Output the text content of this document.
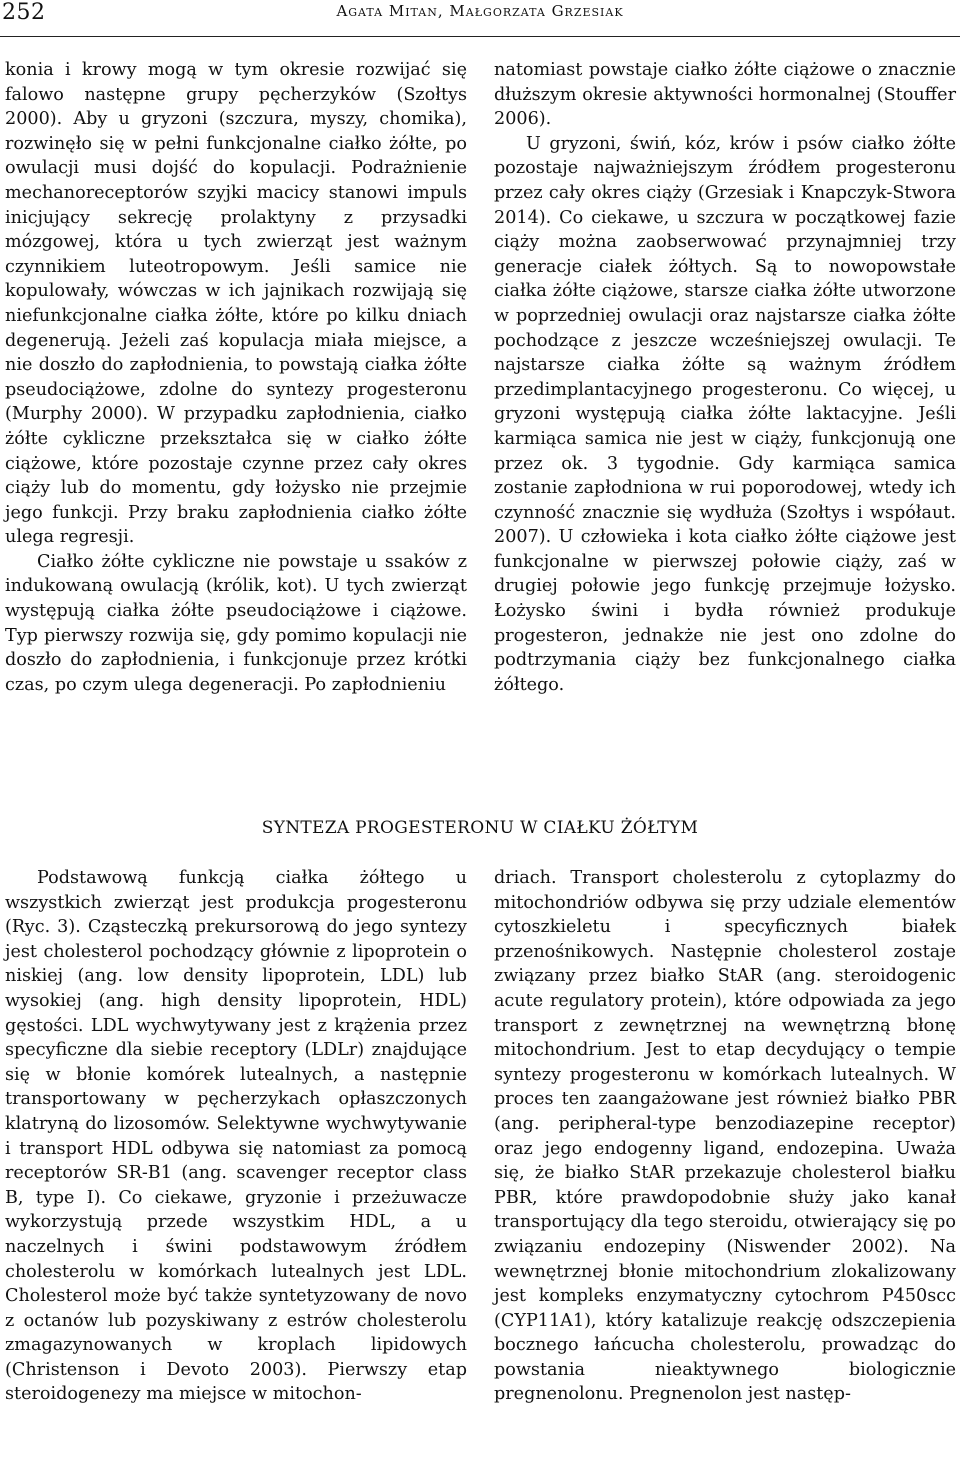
252	Agata Mitan, Małgorzata Grzesiak

konia i krowy mogą w tym okresie rozwijać się falowo następne grupy pęcherzyków (Szołtys 2000). Aby u gryzoni (szczura, myszy, chomika), rozwinęło się w pełni funkcjonalne ciałko żółte, po owulacji musi dojść do kopulacji. Podrażnienie mechanoreceptorów szyjki macicy stanowi impuls inicjujący sekrecję prolaktyny z przysadki mózgowej, która u tych zwierząt jest ważnym czynnikiem luteotropowym. Jeśli samice nie kopulowały, wówczas w ich jajnikach rozwijają się niefunkcjonalne ciałka żółte, które po kilku dniach degenerują. Jeżeli zaś kopulacja miała miejsce, a nie doszło do zapłodnienia, to powstają ciałka żółte pseudociążowe, zdolne do syntezy progesteronu (Murphy 2000). W przypadku zapłodnienia, ciałko żółte cykliczne przekształca się w ciałko żółte ciążowe, które pozostaje czynne przez cały okres ciąży lub do momentu, gdy łożysko nie przejmie jego funkcji. Przy braku zapłodnienia ciałko żółte ulega regresji.

Ciałko żółte cykliczne nie powstaje u ssaków z indukowaną owulacją (królik, kot). U tych zwierząt występują ciałka żółte pseudociążowe i ciążowe. Typ pierwszy rozwija się, gdy pomimo kopulacji nie doszło do zapłodnienia, i funkcjonuje przez krótki czas, po czym ulega degeneracji. Po zapłodnieniu

natomiast powstaje ciałko żółte ciążowe o znacznie dłuższym okresie aktywności hormonalnej (Stouffer 2006).

U gryzoni, świń, kóz, krów i psów ciałko żółte pozostaje najważniejszym źródłem progesteronu przez cały okres ciąży (Grzesiak i Knapczyk-Stwora 2014). Co ciekawe, u szczura w początkowej fazie ciąży można zaobserwować przynajmniej trzy generacje ciałek żółtych. Są to nowopowstałe ciałka żółte ciążowe, starsze ciałka żółte utworzone w poprzedniej owulacji oraz najstarsze ciałka żółte pochodzące z jeszcze wcześniejszej owulacji. Te najstarsze ciałka żółte są ważnym źródłem przedimplantacyjnego progesteronu. Co więcej, u gryzoni występują ciałka żółte laktacyjne. Jeśli karmiąca samica nie jest w ciąży, funkcjonują one przez ok. 3 tygodnie. Gdy karmiąca samica zostanie zapłodniona w rui poporodowej, wtedy ich czynność znacznie się wydłuża (Szołtys i współaut. 2007). U człowieka i kota ciałko żółte ciążowe jest funkcjonalne w pierwszej połowie ciąży, zaś w drugiej połowie jego funkcję przejmuje łożysko. Łożysko świni i bydła również produkuje progesteron, jednakże nie jest ono zdolne do podtrzymania ciąży bez funkcjonalnego ciałka żółtego.

SYNTEZA PROGESTERONU W CIAŁKU ŻÓŁTYM

Podstawową funkcją ciałka żółtego u wszystkich zwierząt jest produkcja progesteronu (Ryc. 3). Cząsteczką prekursorową do jego syntezy jest cholesterol pochodzący głównie z lipoprotein o niskiej (ang. low density lipoprotein, LDL) lub wysokiej (ang. high density lipoprotein, HDL) gęstości. LDL wychwytywany jest z krążenia przez specyficzne dla siebie receptory (LDLr) znajdujące się w błonie komórek lutealnych, a następnie transportowany w pęcherzykach opłaszczonych klatryną do lizosomów. Selektywne wychwytywanie i transport HDL odbywa się natomiast za pomocą receptorów SR-B1 (ang. scavenger receptor class B, type I). Co ciekawe, gryzonie i przeżuwacze wykorzystują przede wszystkim HDL, a u naczelnych i świni podstawowym źródłem cholesterolu w komórkach lutealnych jest LDL. Cholesterol może być także syntetyzowany de novo z octanów lub pozyskiwany z estrów cholesterolu zmagazynowanych w kroplach lipidowych (Christenson i Devoto 2003). Pierwszy etap steroidogenezy ma miejsce w mitochon-

driach. Transport cholesterolu z cytoplazmy do mitochondriów odbywa się przy udziale elementów cytoszkieletu i specyficznych białek przenośnikowych. Następnie cholesterol zostaje związany przez białko StAR (ang. steroidogenic acute regulatory protein), które odpowiada za jego transport z zewnętrznej na wewnętrzną błonę mitochondrium. Jest to etap decydujący o tempie syntezy progesteronu w komórkach lutealnych. W proces ten zaangażowane jest również białko PBR (ang. peripheral-type benzodiazepine receptor) oraz jego endogenny ligand, endozepina. Uważa się, że białko StAR przekazuje cholesterol białku PBR, które prawdopodobnie służy jako kanał transportujący dla tego steroidu, otwierający się po związaniu endozepiny (Niswender 2002). Na wewnętrznej błonie mitochondrium zlokalizowany jest kompleks enzymatyczny cytochrom P450scc (CYP11A1), który katalizuje reakcję odszczepienia bocznego łańcucha cholesterolu, prowadząc do powstania nieaktywnego biologicznie pregnenolonu. Pregnenolon jest następ-
